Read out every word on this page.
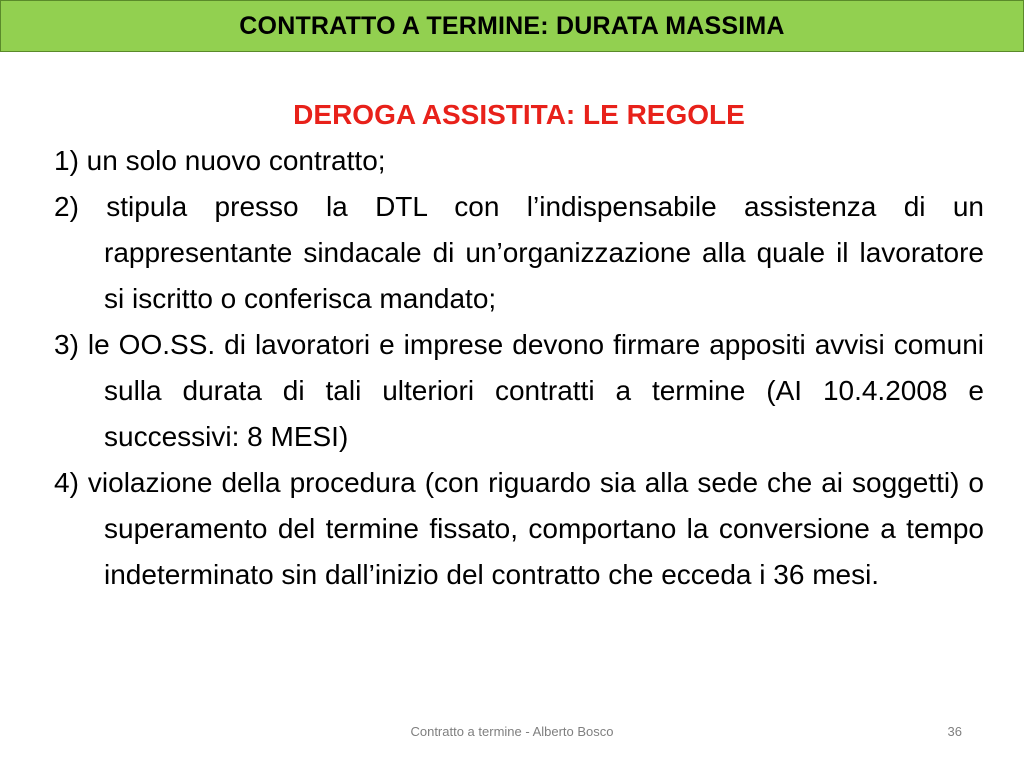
CONTRATTO A TERMINE: DURATA MASSIMA
DEROGA ASSISTITA: LE REGOLE
1) un solo nuovo contratto;
2) stipula presso la DTL con l’indispensabile assistenza di un rappresentante sindacale di un’organizzazione alla quale il lavoratore si iscritto o conferisca mandato;
3) le OO.SS. di lavoratori e imprese devono firmare appositi avvisi comuni sulla durata di tali ulteriori contratti a termine (AI 10.4.2008 e successivi: 8 MESI)
4) violazione della procedura (con riguardo sia alla sede che ai soggetti) o superamento del termine fissato, comportano la conversione a tempo indeterminato sin dall’inizio del contratto che ecceda i 36 mesi.
Contratto a termine - Alberto Bosco	36
